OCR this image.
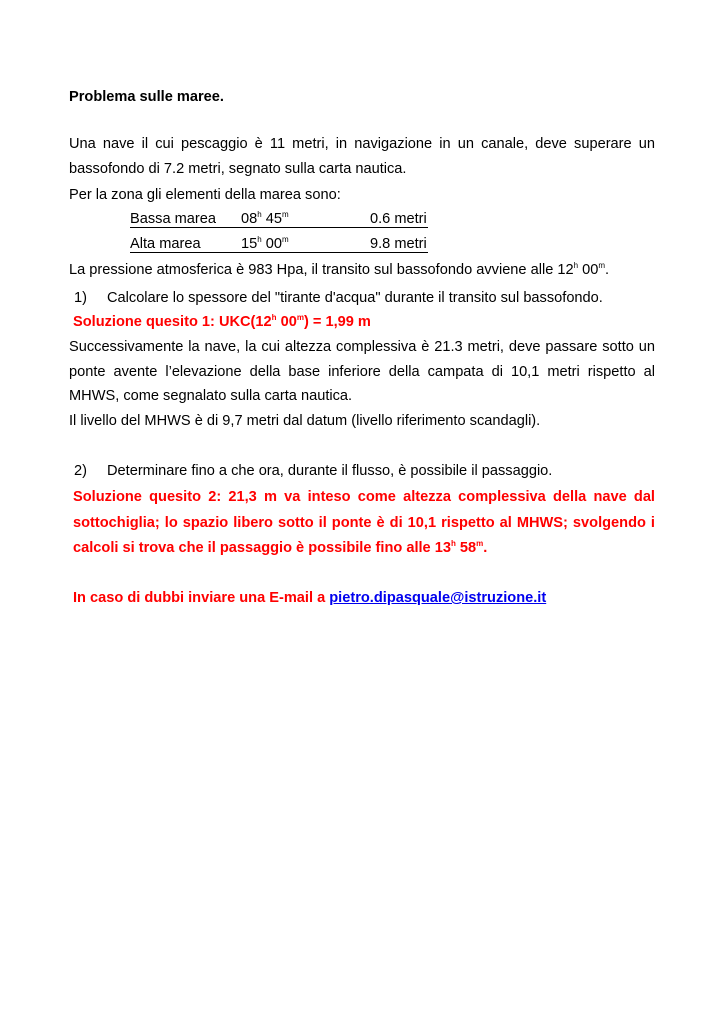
Problema sulle maree.
Una nave il cui pescaggio è 11 metri, in navigazione in un canale, deve superare un bassofondo di 7.2 metri, segnato sulla carta nautica.
Per la zona gli elementi della marea sono:
Bassa marea 08$^h$ 45$^m$	0.6 metri
Alta marea	15$^h$ 00$^m$	9.8 metri
La pressione atmosferica è 983 Hpa, il transito sul bassofondo avviene alle 12$^h$ 00$^m$.
1) Calcolare lo spessore del "tirante d'acqua" durante il transito sul bassofondo.
Soluzione quesito 1: UKC(12$^h$ $00^m) = 1,99$ m
Successivamente la nave, la cui altezza complessiva è 21.3 metri, deve passare sotto un ponte avente l’elevazione della base inferiore della campata di 10,1 metri rispetto al MHWS, come segnalato sulla carta nautica.
Il livello del MHWS è di 9,7 metri dal datum (livello riferimento scandagli).
2) Determinare fino a che ora, durante il flusso, è possibile il passaggio.
Soluzione quesito 2: 21,3 m va inteso come altezza complessiva della nave dal sottochiglia; lo spazio libero sotto il ponte è di 10,1 rispetto al MHWS; svolgendo i calcoli si trova che il passaggio è possibile fino alle 13$^h$ 58$^m$.
In caso di dubbi inviare una E-mail a pietro.dipasquale@istruzione.it
